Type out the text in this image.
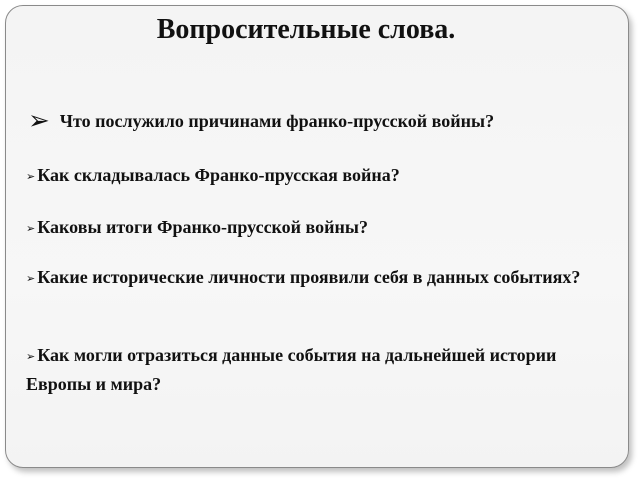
Вопросительные слова.
➢ Что послужило причинами франко-прусской войны?
➢ Как складывалась Франко-прусская война?
➢ Каковы итоги Франко-прусской войны?
➢ Какие исторические личности проявили себя в данных событиях?
➢ Как могли отразиться данные события на дальнейшей истории Европы и мира?
